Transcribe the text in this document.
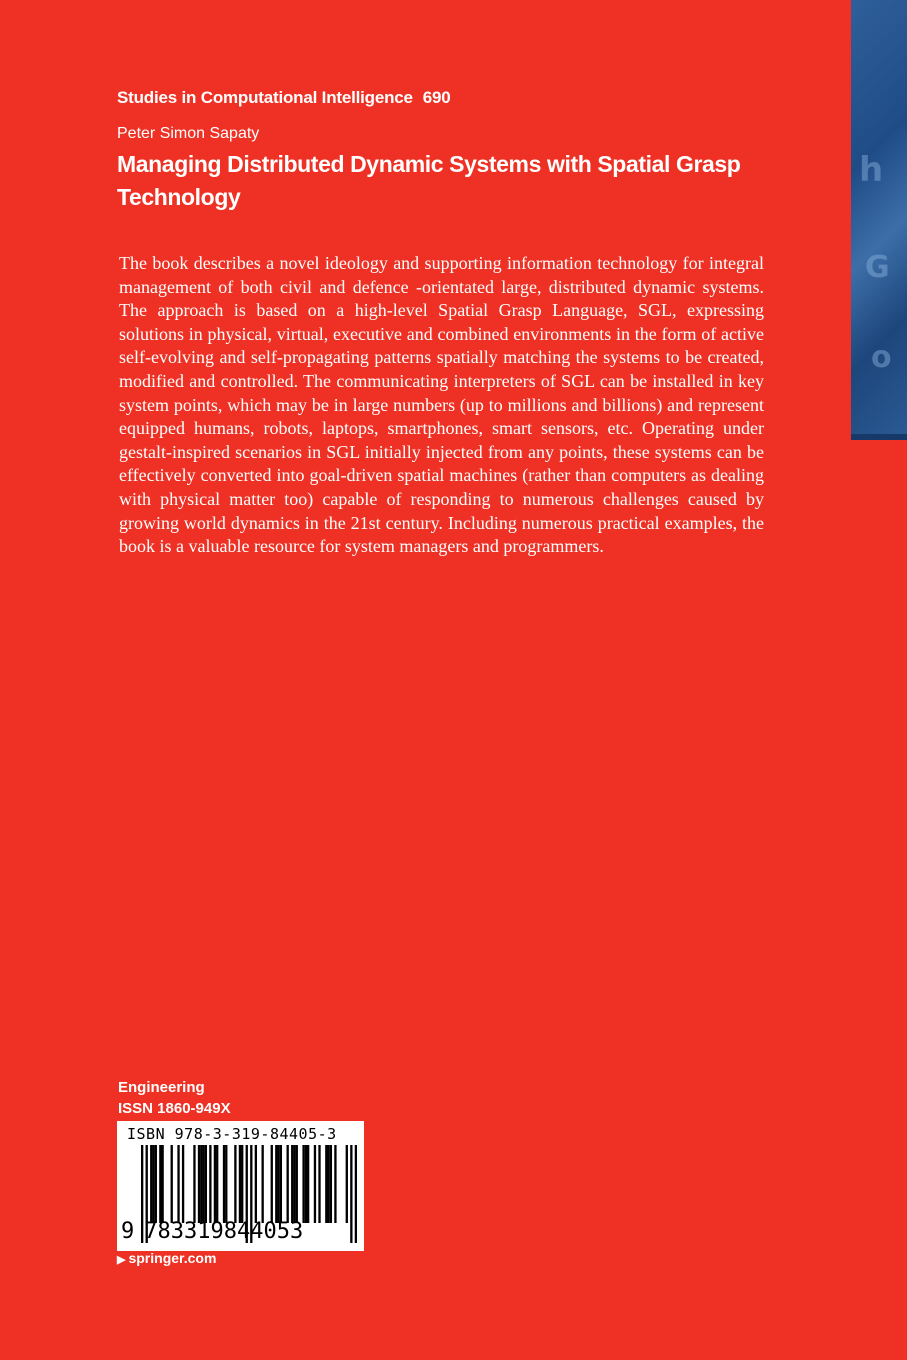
h
G
o
Studies in Computational Intelligence 690
Peter Simon Sapaty
Managing Distributed Dynamic Systems with Spatial Grasp Technology
The book describes a novel ideology and supporting information technology for integral management of both civil and defence -orientated large, distributed dynamic systems. The approach is based on a high-level Spatial Grasp Language, SGL, expressing solutions in physical, virtual, executive and combined environments in the form of active self-evolving and self-propagating patterns spatially matching the systems to be created, modified and controlled. The communicating interpreters of SGL can be installed in key system points, which may be in large numbers (up to millions and billions) and represent equipped humans, robots, laptops, smartphones, smart sensors, etc. Operating under gestalt-inspired scenarios in SGL initially injected from any points, these systems can be effectively converted into goal-driven spatial machines (rather than computers as dealing with physical matter too) capable of responding to numerous challenges caused by growing world dynamics in the 21st century. Including numerous practical examples, the book is a valuable resource for system managers and programmers.
Engineering
ISSN 1860-949X
ISBN 978-3-319-84405-3
9 783319844053
▶ springer.com
